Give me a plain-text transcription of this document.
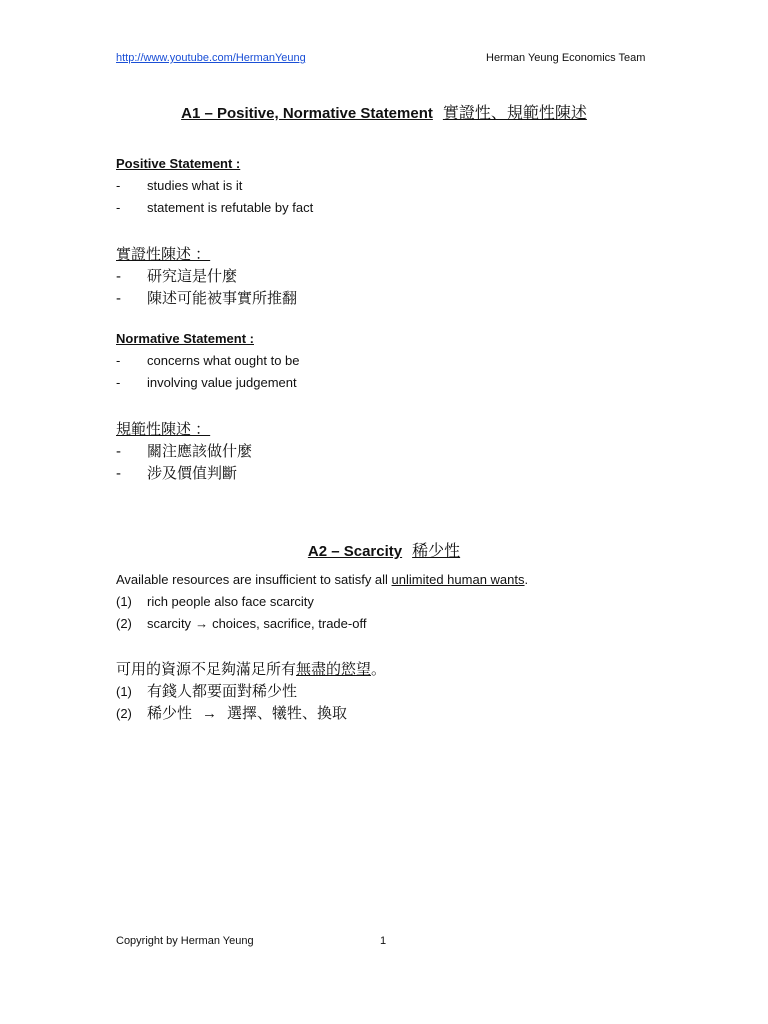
http://www.youtube.com/HermanYeung	Herman Yeung Economics Team
A1 – Positive, Normative Statement 實證性、規範性陳述
Positive Statement :
- studies what is it
- statement is refutable by fact
實證性陳述 ：
- 研究這是什麼
- 陳述可能被事實所推翻
Normative Statement :
- concerns what ought to be
- involving value judgement
規範性陳述 ：
- 關注應該做什麼
- 涉及價值判斷
A2 – Scarcity 稀少性
Available resources are insufficient to satisfy all unlimited human wants.
(1) rich people also face scarcity
(2) scarcity → choices, sacrifice, trade-off
可用的資源不足夠滿足所有無盡的慾望。
(1) 有錢人都要面對稀少性
(2) 稀少性 → 選擇、犧牲、換取
Copyright by Herman Yeung	1
